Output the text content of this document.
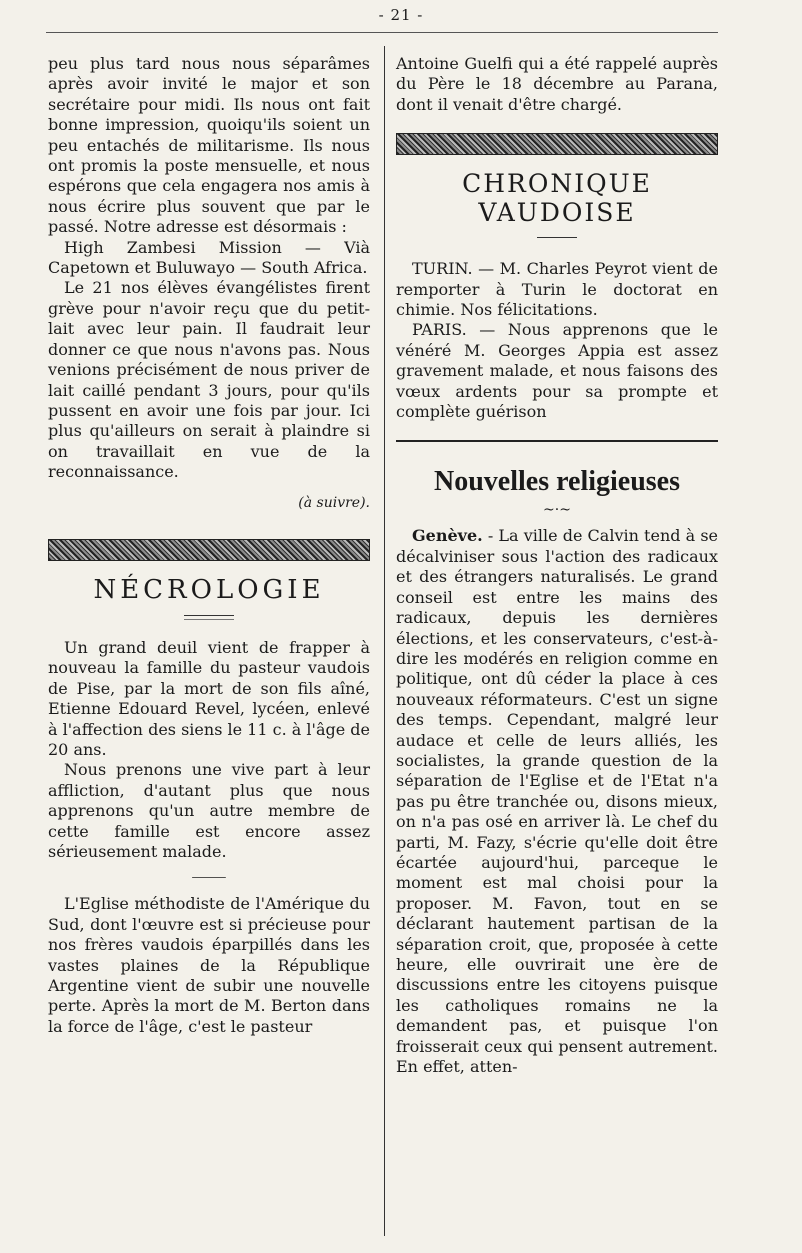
- 21 -

peu plus tard nous nous séparâmes après avoir invité le major et son secrétaire pour midi. Ils nous ont fait bonne impression, quoiqu'ils soient un peu entachés de militarisme. Ils nous ont promis la poste mensuelle, et nous espérons que cela engagera nos amis à nous écrire plus souvent que par le passé. Notre adresse est désormais :

High Zambesi Mission — Vià Capetown et Buluwayo — South Africa.

Le 21 nos élèves évangélistes firent grève pour n'avoir reçu que du petit-lait avec leur pain. Il faudrait leur donner ce que nous n'avons pas. Nous venions précisément de nous priver de lait caillé pendant 3 jours, pour qu'ils pussent en avoir une fois par jour. Ici plus qu'ailleurs on serait à plaindre si on travaillait en vue de la reconnaissance.

(à suivre).

NÉCROLOGIE

Un grand deuil vient de frapper à nouveau la famille du pasteur vaudois de Pise, par la mort de son fils aîné, Etienne Edouard Revel, lycéen, enlevé à l'affection des siens le 11 c. à l'âge de 20 ans.

Nous prenons une vive part à leur affliction, d'autant plus que nous apprenons qu'un autre membre de cette famille est encore assez sérieusement malade.

⸻

L'Eglise méthodiste de l'Amérique du Sud, dont l'œuvre est si précieuse pour nos frères vaudois éparpillés dans les vastes plaines de la République Argentine vient de subir une nouvelle perte. Après la mort de M. Berton dans la force de l'âge, c'est le pasteur

Antoine Guelfi qui a été rappelé auprès du Père le 18 décembre au Parana, dont il venait d'être chargé.

CHRONIQUE VAUDOISE

TURIN. — M. Charles Peyrot vient de remporter à Turin le doctorat en chimie. Nos félicitations.

PARIS. — Nous apprenons que le vénéré M. Georges Appia est assez gravement malade, et nous faisons des vœux ardents pour sa prompte et complète guérison

Nouvelles religieuses
~·~

Genève. - La ville de Calvin tend à se décalviniser sous l'action des radicaux et des étrangers naturalisés. Le grand conseil est entre les mains des radicaux, depuis les dernières élections, et les conservateurs, c'est-à-dire les modérés en religion comme en politique, ont dû céder la place à ces nouveaux réformateurs. C'est un signe des temps. Cependant, malgré leur audace et celle de leurs alliés, les socialistes, la grande question de la séparation de l'Eglise et de l'Etat n'a pas pu être tranchée ou, disons mieux, on n'a pas osé en arriver là. Le chef du parti, M. Fazy, s'écrie qu'elle doit être écartée aujourd'hui, parceque le moment est mal choisi pour la proposer. M. Favon, tout en se déclarant hautement partisan de la séparation croit, que, proposée à cette heure, elle ouvrirait une ère de discussions entre les citoyens puisque les catholiques romains ne la demandent pas, et puisque l'on froisserait ceux qui pensent autrement. En effet, atten-
